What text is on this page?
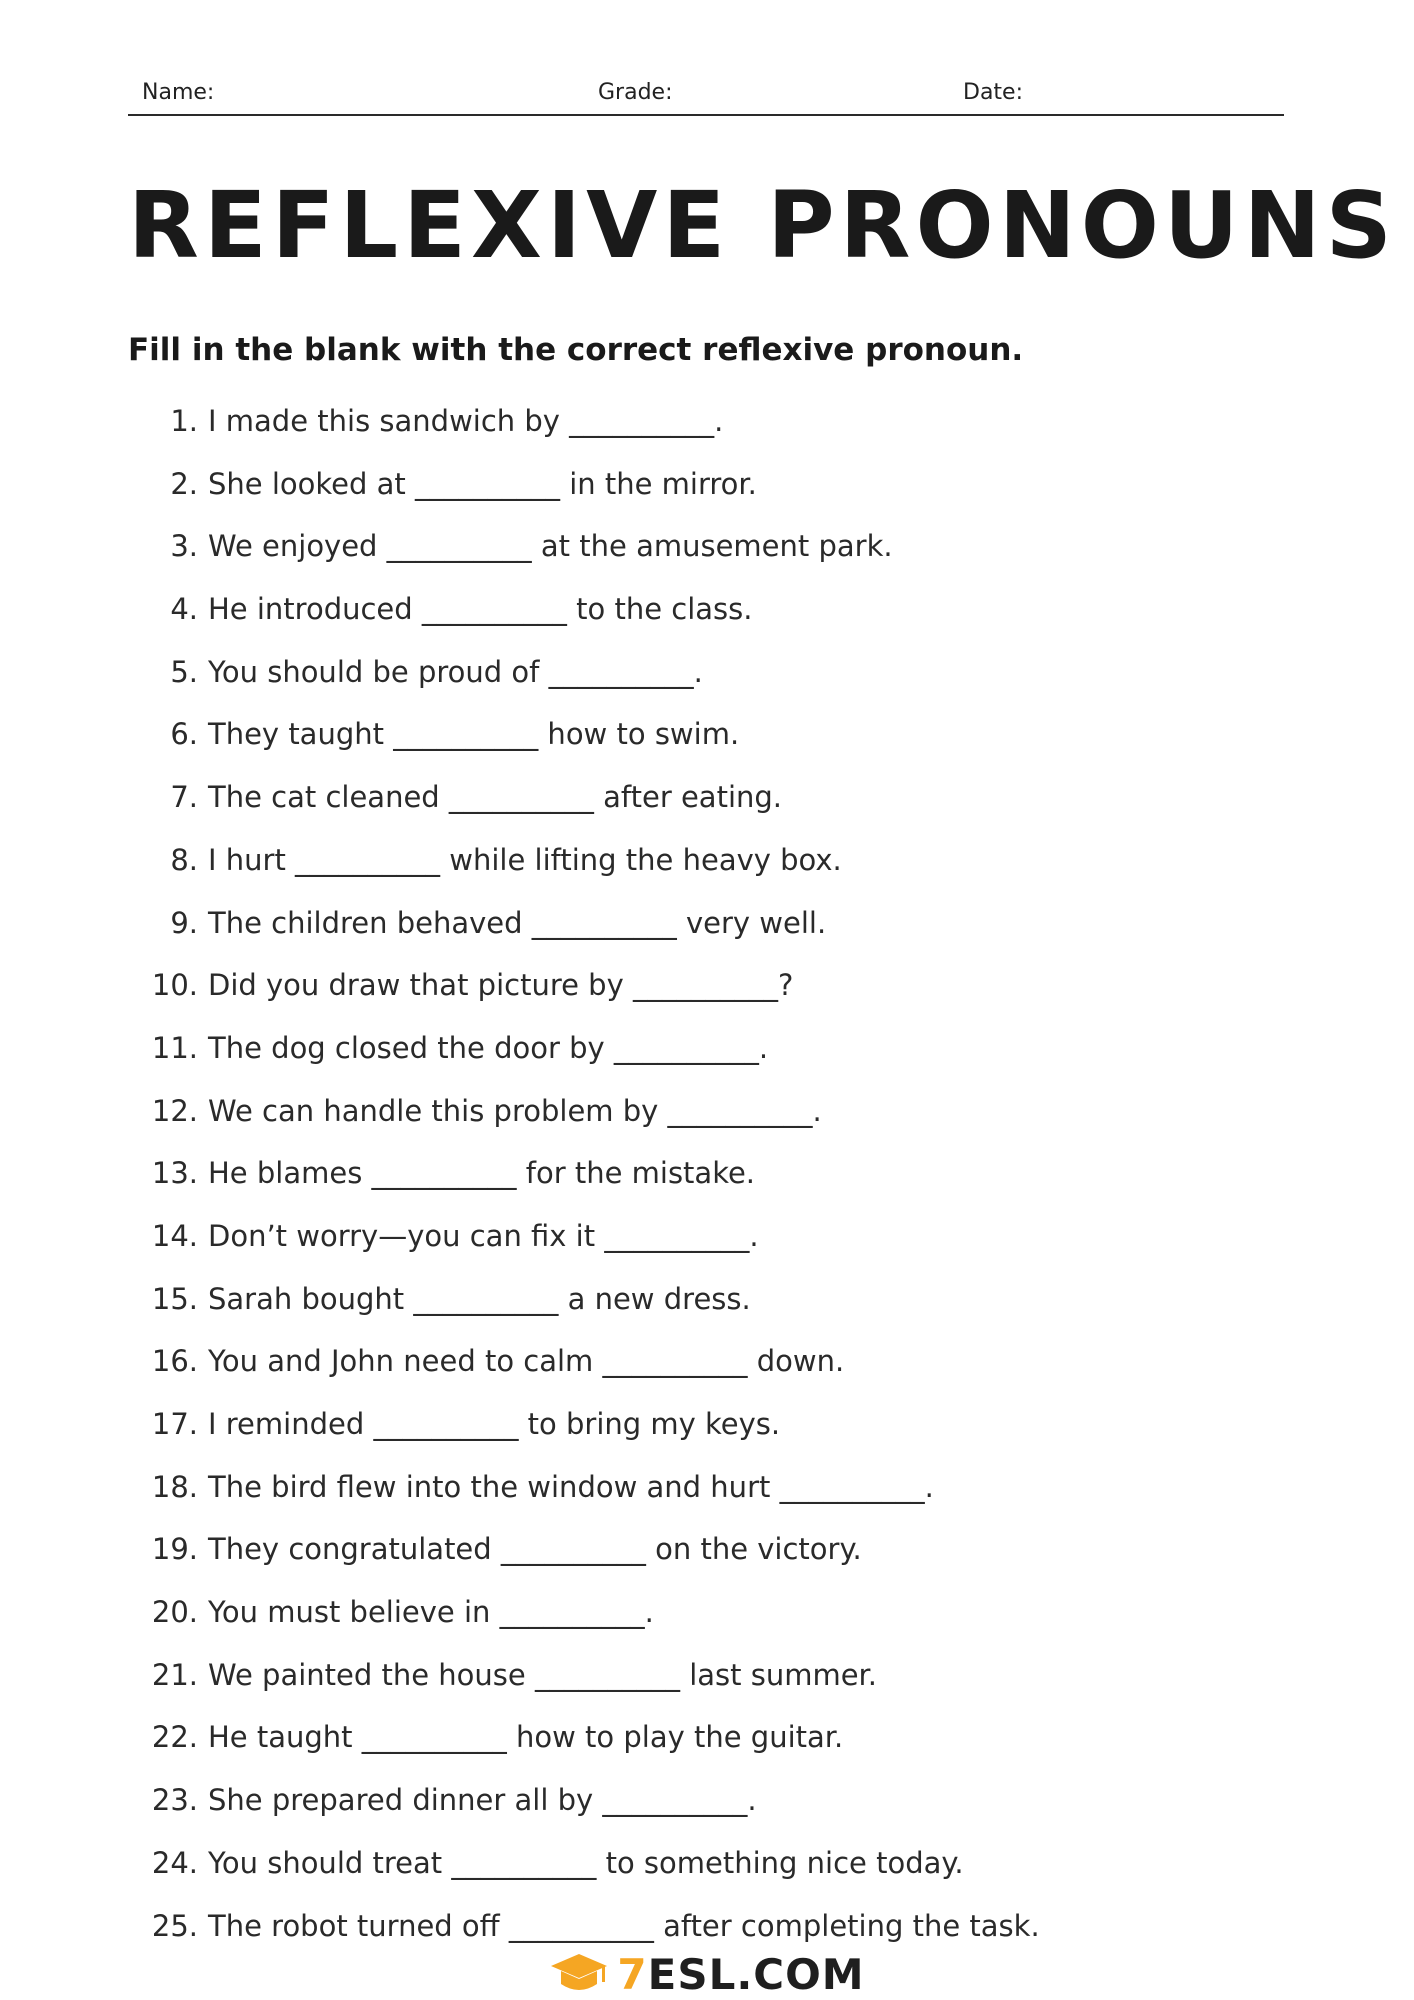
Name:	Grade:	Date:
REFLEXIVE PRONOUNS

Fill in the blank with the correct reflexive pronoun.

1. I made this sandwich by __________.
2. She looked at __________ in the mirror.
3. We enjoyed __________ at the amusement park.
4. He introduced __________ to the class.
5. You should be proud of __________.
6. They taught __________ how to swim.
7. The cat cleaned __________ after eating.
8. I hurt __________ while lifting the heavy box.
9. The children behaved __________ very well.
10. Did you draw that picture by __________?
11. The dog closed the door by __________.
12. We can handle this problem by __________.
13. He blames __________ for the mistake.
14. Don’t worry—you can fix it __________.
15. Sarah bought __________ a new dress.
16. You and John need to calm __________ down.
17. I reminded __________ to bring my keys.
18. The bird flew into the window and hurt __________.
19. They congratulated __________ on the victory.
20. You must believe in __________.
21. We painted the house __________ last summer.
22. He taught __________ how to play the guitar.
23. She prepared dinner all by __________.
24. You should treat __________ to something nice today.
25. The robot turned off __________ after completing the task.
7ESL.COM
